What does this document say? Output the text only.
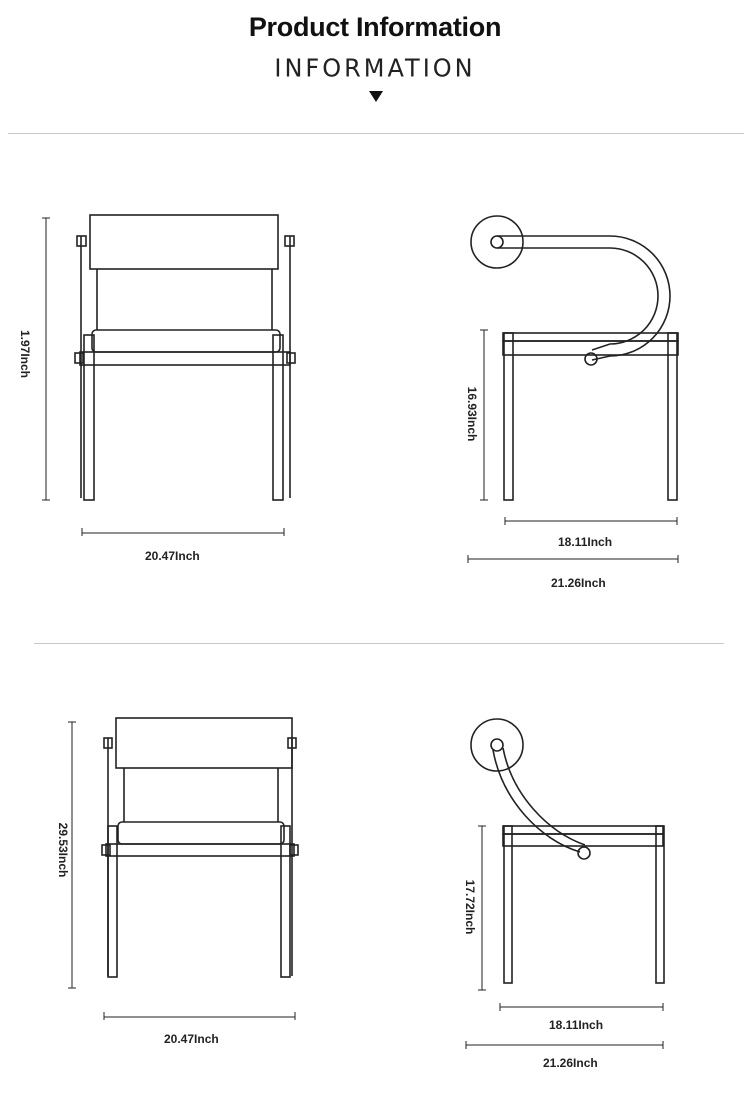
Product Information
INFORMATION
1.97Inch
20.47Inch
16.93Inch
18.11Inch
21.26Inch
29.53Inch
20.47Inch
17.72Inch
18.11Inch
21.26Inch
